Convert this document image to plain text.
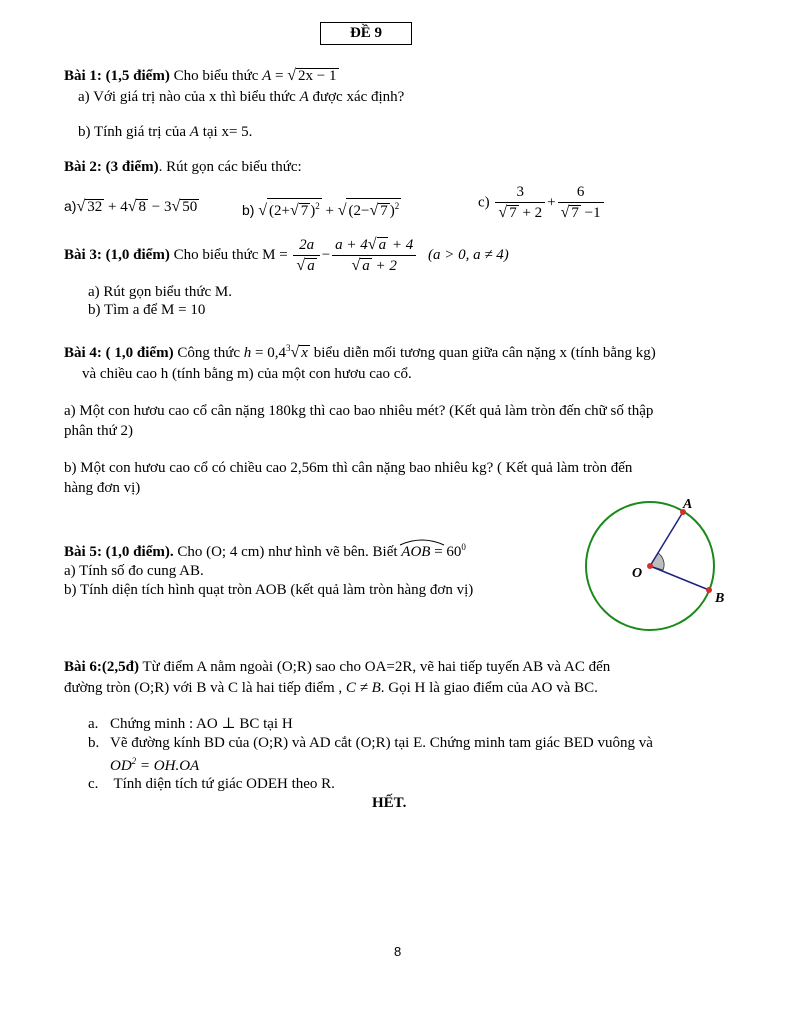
ĐỀ 9
Bài 1: (1,5 điểm) Cho biểu thức A = √ 2x − 1
a) Với giá trị nào của x thì biểu thức A được xác định?
b) Tính giá trị của A tại x= 5.
Bài 2: (3 điểm). Rút gọn các biểu thức:
a)√ 32 + 4√ 8 − 3√ 50	b) √ (2+√ 7 )$^2$ + √ (2−√ 7 )$^2$	$c) \frac{3}{√ 7 + 2} + \frac{6}{√ 7 -1}$
Bài 3: (1,0 điểm) Cho biểu thức $M = \frac{2a}{√ a} - \frac{a + 4√ a + 4}{√ a + 2} (a > 0$, a ≠ 4)
a) Rút gọn biểu thức M.
b) Tìm a để M = 10
Bài 4: ( 1,0 điểm) Công thức $h = 0,4^3√$ x biểu diễn mối tương quan giữa cân nặng x (tính bằng kg)
và chiều cao h (tính bằng m) của một con hươu cao cổ.
a) Một con hươu cao cổ cân nặng 180kg thì cao bao nhiêu mét? (Kết quả làm tròn đến chữ số thập
phân thứ 2)
b) Một con hươu cao cổ có chiều cao 2,56m thì cân nặng bao nhiêu kg? ( Kết quả làm tròn đến
hàng đơn vị)
Bài 5: (1,0 điểm). Cho (O; 4 cm) như hình vẽ bên. Biết
AOB = $60^0$
a) Tính số đo cung AB.
b) Tính diện tích hình quạt tròn AOB (kết quả làm tròn hàng đơn vị)
A
O
B
Bài 6:(2,5đ) Từ điểm A nằm ngoài (O;R) sao cho OA=2R, vẽ hai tiếp tuyến AB và AC đến
đường tròn (O;R) với B và C là hai tiếp điểm , C ≠ B. Gọi H là giao điểm của AO và BC.
a. Chứng minh : AO ⊥ BC tại H
b. Vẽ đường kính BD của (O;R) và AD cắt (O;R) tại E. Chứng minh tam giác BED vuông và
$OD^2 = OH.OA$
c. Tính diện tích tứ giác ODEH theo R.
HẾT.
8
